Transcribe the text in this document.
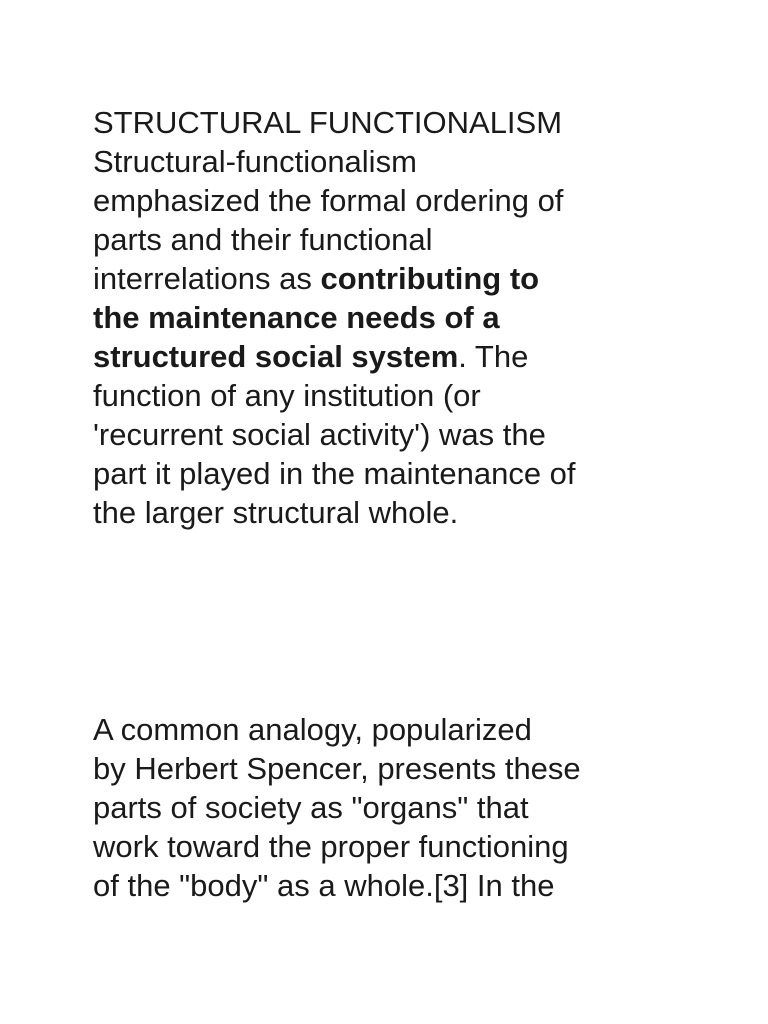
STRUCTURAL FUNCTIONALISM
Structural-functionalism
emphasized the formal ordering of
parts and their functional
interrelations as contributing to
the maintenance needs of a
structured social system. The
function of any institution (or
'recurrent social activity') was the
part it played in the maintenance of
the larger structural whole.
A common analogy, popularized
by Herbert Spencer, presents these
parts of society as "organs" that
work toward the proper functioning
of the "body" as a whole.[3] In the
